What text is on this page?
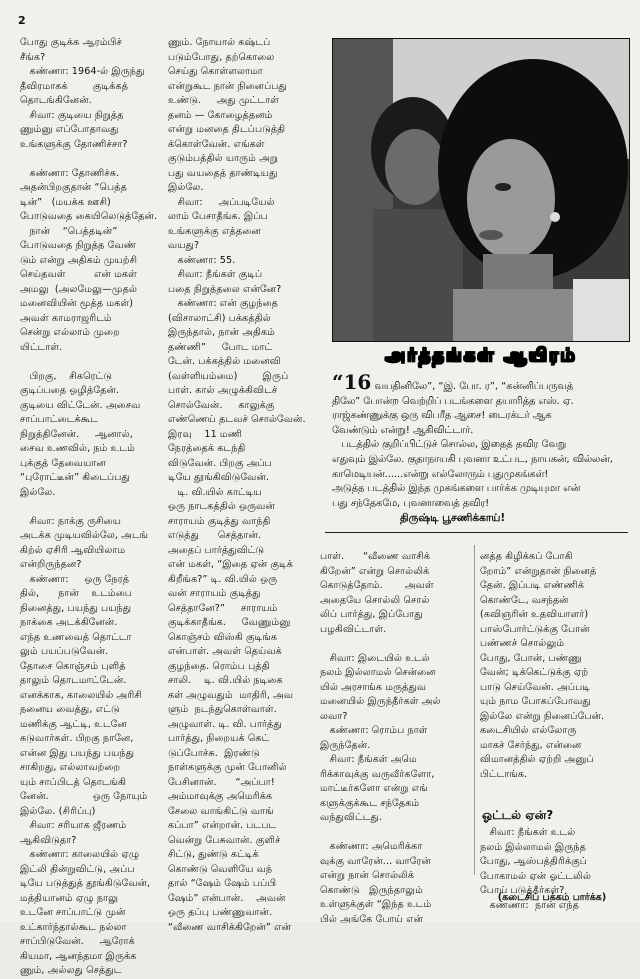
2
போது குடிக்க ஆரம்பிச்
சீங்க?
கண்ணா: 1964-ல் இருந்து
தீவிரமாகக்        குடிக்கத்
தொடங்கினேன்.
சிவா: குடியை நிறுத்த
ணும்னு எப்போதாவது
உங்களுக்கு தோணிச்சா?

கண்ணா: தோணிச்சு.
அதன்பிறகுதான் “பெத்த
டின்”   (மயக்க ஊசி)
போடுவதை கையிலெடுத்தேன்.
நான்    “பெத்தடின்”
போடுவதை நிறுத்த வேண்
டும் என்று அதிகம் முயற்சி
செய்தவள்         என் மகள்
அமலு  (அலமேலு—முதல்
மனைவியின் மூத்த மகள்)
அவள் காமராஜரிடம்
சென்று எல்லாம் முறை
யிட்டாள்.

பிறகு,    சிகரெட்டு
குடிப்பதை ஒழித்தேன்.
குடியை விட்டேன். அசைவ
சாப்பாட்டைக்கூட
நிறுத்தினேன்.     ஆனால்,
சைவ உணவில், நம் உடம்
புக்குத் தேவையான
“புரோட்டீன்” கிடைப்பது
இல்லே.

சிவா: நாக்கு ருசியை
அடக்க முடியவில்லே, அடங்
கிற்ல் ஏசிரி ஆவியிலாம
என்றிருந்தன?
கண்ணா:     ஒரு நேரத்
தில்,      நான்    உடம்பை
நினைத்து, பயந்து பயந்து
நாக்கை அடக்கினேன்.
எந்த உணவைத் தொட்டா
லும் பயப்படுவேன்.
தோசை கொஞ்சம் புளித்
தாலும் தொடமாட்டேன்.
எனக்காக, காலையில் அரிசி
நனைய வைத்து, எட்டு
மணிக்கு ஆட்டி, உடனே
சுடுவார்கள். பிறகு நானே,
என்ன இது பயந்து பயந்து
சாகிறது, எல்லாவற்றை
யும் சாப்பிடத் தொடங்கி
னேன்.              ஒரு நோயும்
இல்லே. (சிரிப்பு)
சிவா: சரியாக ஜீரணம்
ஆகிவிடுதா?
கண்ணா: காலையில் ஏழு
இட்லி தின்றுவிட்டு, அப்ப
டியே படுத்துத் தூங்கிடுவேன்,
மத்தியானம் ஏழு நாலு
உடனே சாப்பாட்டு முன்
உட்கார்ந்தால்கூட நல்லா
சாப்பிடுவேன்.     ஆரோக்
கியமா, ஆனந்தமா இருக்க
ணும், அல்லது செத்துட
ணும். நோயால் கஷ்டப்
படும்போது, தற்கொலை
செய்து கொள்ளலாமா
என்றுகூட நான் நினைப்பது
உண்டு.     அது முட்டாள்
தனம் — கோழைத்தனம்
என்று மனதை திடப்படுத்தி
க்கொள்வேன். எங்கள்
குடும்பத்தில் யாரும் அறு
பது வயதைத் தாண்டியது
இல்லே.
சிவா:     அப்படியேல்
லாம் பேசாதீங்க. இப்ப
உங்களுக்கு எத்தனை
வயது?
கண்ணா: 55.
சிவா: நீங்கள் குடிப்
பதை நிறுத்தலை என்னே?
கண்ணா: என் குழந்தை
(விசாலாட்சி) பக்கத்தில்
இருந்தால், நான் அதிகம்
தண்ணி”     போட மாட்
டேன். பக்கத்தில் மனைவி
(வள்ளியம்மை)        இருப்
பாள். கால் அழுக்கிவிடச்
சொல்வேன்.     காலுக்கு
எண்ணெய் தடவச் சொல்வேன்.
இரவு    11 மணி
நேரத்தைக் கடந்தி
விடுவேன். பிறகு அப்ப
டியே தூங்கிவிடுவேன்.
டி. வி.யில் காட்டிய
ஒரு நாடகத்தில் ஒருவன்
சாராயம் குடித்து வாந்தி
எடுத்து      செத்தான்.
அதைப் பார்த்துவிட்டு
என் மகள், “இதை ஏன் குடிக்
கிறீங்க?” டி. வி.யில் ஒரு
வன் சாராயம் குடித்து
செத்தானே?”     சாராயம்
குடிக்காதீங்க.     வேணும்னு
கொஞ்சம் விஸ்கி குடிங்க
என்பாள். அவள் தெய்வக்
குழந்தை. ரொம்ப புத்தி
சாலி.    டி. வி.யில் நடிகை
கள் அழுவதும்  மாதிரி, அவ
ளும்  நடந்துகொள்வாள்.
அழுவாள். டி. வி. பார்த்து
பார்த்து, நிறையக் கெட்
டுப்போச்சு.  இரண்டு
நாள்களுக்கு முன் போனில்
பேசினான்.      “அப்பா!
அம்மாவுக்கு அமெரிக்க
சேலை வாங்கிட்டு வாங்
கப்பா” என்றான். படபட
வென்று பேசுவான். குளிச்
சிட்டு, துண்டு கட்டிக்
கொண்டு வெளியே வந்
தால் “ஷேம் ஷேம் பப்பி
ஷேம்” என்பான்.    அவன்
ஒரு தப்பு பண்ணுவான்.
“வீணை வாசிக்கிறேன்” என்
அர்த்தங்கள் ஆயிரம்
“16 வயதினிலே”, “இ. போ. ர”, “கன்னிப்பருவத்
திலே” போன்ற வெற்றிப் படங்களை தயாரித்த எஸ். ஏ.
ராஜ்கண்ணுக்கு ஒரு விபரீத ஆசை! டைரக்டர் ஆக
வேண்டும் என்று! ஆகிவிட்டார்.
படத்தில் குறிப்பிட்டுச் சொல்ல, இதைத் தவிர வேறு
எதுவும் இல்லே. குதாநாயகி புவனா உட்பட, நாயகன், வில்லன்,
காமெடியன்......என்று எல்லோரும் புதுமுகங்கள்!
அடுத்த படத்தில் இந்த முகங்களை பார்க்க முடியுமா என்
பது சந்தேகமே, புவனாவைத் தவிர!
திருஷ்டி பூசணிக்காய்!
பாள்.      “வீணை வாசிக்
கிறேன்” என்று சொல்லிக்
கொடுத்தோம்.       அவள்
அதையே சொல்லி சொல்
லிப் பார்த்து, இப்போது
பழகிவிட்டாள்.

சிவா: இடையில் உடல்
நலம் இல்லாமல் சென்னை
யில் அரசாங்க மருத்துவ
மனையில் இருந்தீர்கள் அல்
லவா?
கண்ணா: ரொம்ப நாள்
இருந்தேன்.
சிவா: நீங்கள் அமெ
ரிக்காவுக்கு வருவீர்களோ,
மாட்டீர்களோ என்று எங்
களுக்குக்கூட சந்தேகம்
வந்துவிட்டது.

கண்ணா: அமெரிக்கா
வுக்கு வாரேன்... வாரேன்
என்று நான் சொல்லிக்
கொண்டு   இருந்தாலும்
உள்ளுக்குள் “இந்த உடம்
பில் அங்கே போய் என்
னத்த கிழிக்கப் போகி
றோம்” என்றுதான் நினைத்
தேன். இப்படி எண்ணிக்
கொண்டே, வசந்தன்
(கவிஞரின் உதவியாளர்)
பாஸ்போர்ட்டுக்கு போன்
பண்ணச் சொல்லும்
போது, போன், பண்ணு
வேன்; டிக்கெட்டுக்கு ஏற்
பாடு செய்வேன். அப்படி
யும் நாம போகப்போவது
இல்லே என்று நினைப்பேன்.
கடைசியில் எல்லோரு
மாகச் சேர்ந்து, என்னை
விமானத்தில் ஏற்றி அனுப்
பிட்டாங்க.
ஓட்டல் ஏன்?
சிவா: நீங்கள் உடல்
நலம் இல்லாமல் இருந்த
போது, ஆஸ்பத்திரிக்குப்
போகாமல் ஏன் ஓட்டலில்
போய் படுத்தீர்கள்?
கண்ணா:  நான் எந்த
(கடைசிப் பக்கம் பார்க்க)
